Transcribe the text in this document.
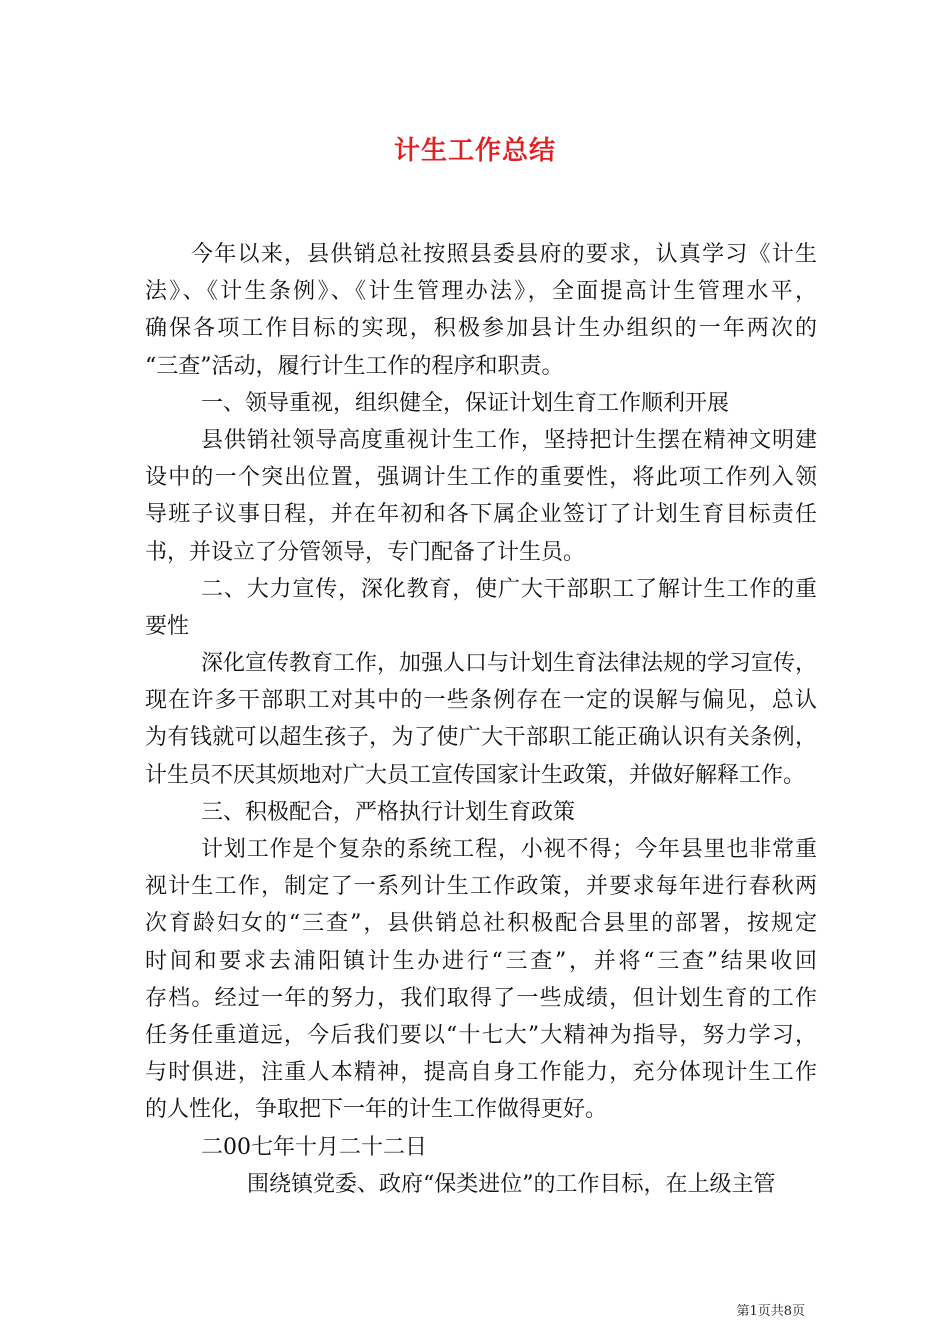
计生工作总结
今年以来，县供销总社按照县委县府的要求，认真学习《计生
法》、《计生条例》、《计生管理办法》，全面提高计生管理水平，
确保各项工作目标的实现，积极参加县计生办组织的一年两次的
“三查”活动，履行计生工作的程序和职责。
一、领导重视，组织健全，保证计划生育工作顺利开展
县供销社领导高度重视计生工作，坚持把计生摆在精神文明建
设中的一个突出位置，强调计生工作的重要性，将此项工作列入领
导班子议事日程，并在年初和各下属企业签订了计划生育目标责任
书，并设立了分管领导，专门配备了计生员。
二、大力宣传，深化教育，使广大干部职工了解计生工作的重
要性
深化宣传教育工作，加强人口与计划生育法律法规的学习宣传，
现在许多干部职工对其中的一些条例存在一定的误解与偏见，总认
为有钱就可以超生孩子，为了使广大干部职工能正确认识有关条例，
计生员不厌其烦地对广大员工宣传国家计生政策，并做好解释工作。
三、积极配合，严格执行计划生育政策
计划工作是个复杂的系统工程，小视不得；今年县里也非常重
视计生工作，制定了一系列计生工作政策，并要求每年进行春秋两
次育龄妇女的“三查”，县供销总社积极配合县里的部署，按规定
时间和要求去浦阳镇计生办进行“三查”，并将“三查”结果收回
存档。经过一年的努力，我们取得了一些成绩，但计划生育的工作
任务任重道远，今后我们要以“十七大”大精神为指导，努力学习，
与时俱进，注重人本精神，提高自身工作能力，充分体现计生工作
的人性化，争取把下一年的计生工作做得更好。
二00七年十月二十二日
围绕镇党委、政府“保类进位”的工作目标，在上级主管
第1页共8页
